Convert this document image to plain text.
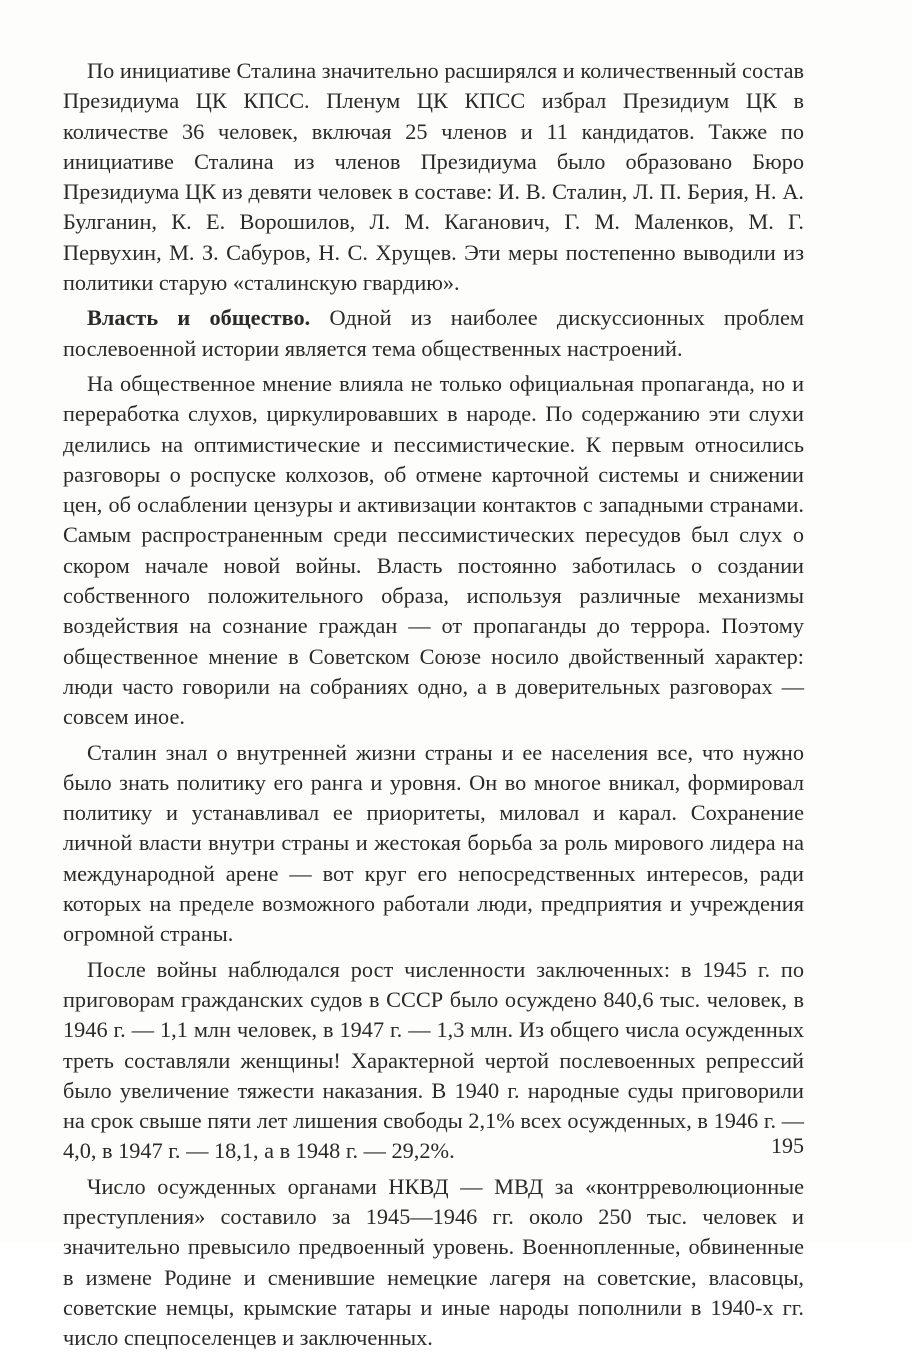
По инициативе Сталина значительно расширялся и количественный состав Президиума ЦК КПСС. Пленум ЦК КПСС избрал Президиум ЦК в количестве 36 человек, включая 25 членов и 11 кандидатов. Также по инициативе Сталина из членов Президиума было образовано Бюро Президиума ЦК из девяти человек в составе: И. В. Сталин, Л. П. Берия, Н. А. Булганин, К. Е. Ворошилов, Л. М. Каганович, Г. М. Маленков, М. Г. Первухин, М. З. Сабуров, Н. С. Хрущев. Эти меры постепенно выводили из политики старую «сталинскую гвардию».

Власть и общество. Одной из наиболее дискуссионных проблем послевоенной истории является тема общественных настроений.

На общественное мнение влияла не только официальная пропаганда, но и переработка слухов, циркулировавших в народе. По содержанию эти слухи делились на оптимистические и пессимистические. К первым относились разговоры о роспуске колхозов, об отмене карточной системы и снижении цен, об ослаблении цензуры и активизации контактов с западными странами. Самым распространенным среди пессимистических пересудов был слух о скором начале новой войны. Власть постоянно заботилась о создании собственного положительного образа, используя различные механизмы воздействия на сознание граждан — от пропаганды до террора. Поэтому общественное мнение в Советском Союзе носило двойственный характер: люди часто говорили на собраниях одно, а в доверительных разговорах — совсем иное.

Сталин знал о внутренней жизни страны и ее населения все, что нужно было знать политику его ранга и уровня. Он во многое вникал, формировал политику и устанавливал ее приоритеты, миловал и карал. Сохранение личной власти внутри страны и жестокая борьба за роль мирового лидера на международной арене — вот круг его непосредственных интересов, ради которых на пределе возможного работали люди, предприятия и учреждения огромной страны.

После войны наблюдался рост численности заключенных: в 1945 г. по приговорам гражданских судов в СССР было осуждено 840,6 тыс. человек, в 1946 г. — 1,1 млн человек, в 1947 г. — 1,3 млн. Из общего числа осужденных треть составляли женщины! Характерной чертой послевоенных репрессий было увеличение тяжести наказания. В 1940 г. народные суды приговорили на срок свыше пяти лет лишения свободы 2,1% всех осужденных, в 1946 г. — 4,0, в 1947 г. — 18,1, а в 1948 г. — 29,2%.

Число осужденных органами НКВД — МВД за «контрреволюционные преступления» составило за 1945—1946 гг. около 250 тыс. человек и значительно превысило предвоенный уровень. Военнопленные, обвиненные в измене Родине и сменившие немецкие лагеря на советские, власовцы, советские немцы, крымские татары и иные народы пополнили в 1940-х гг. число спецпоселенцев и заключенных.

195
